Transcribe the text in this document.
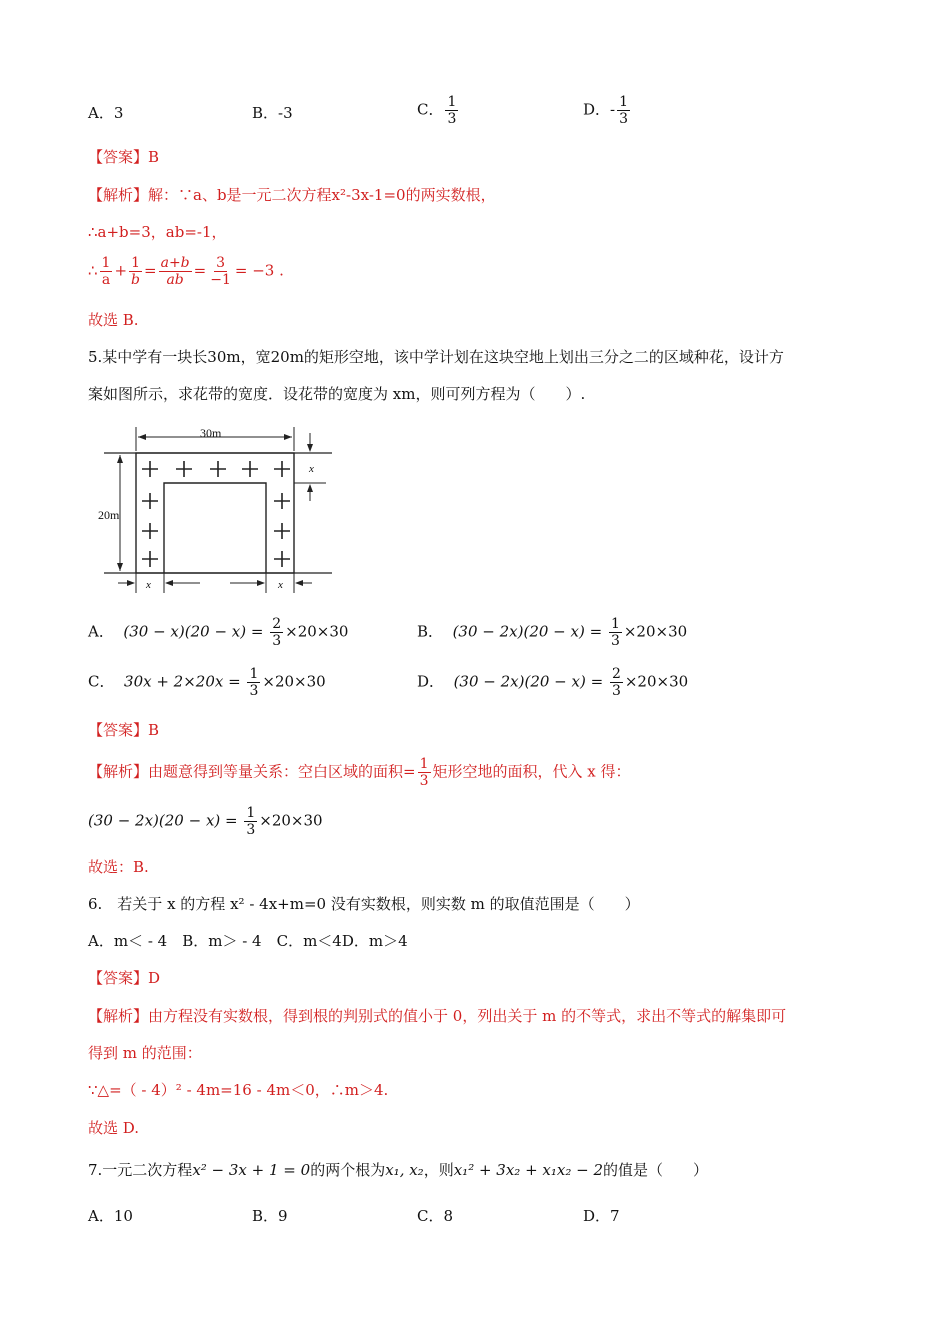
A．3	B．-3	C． $\frac{1}{3}$	D．- $\frac{1}{3}$
【答案】B
【解析】解：∵a、b是一元二次方程x²-3x-1=0的两实数根，
∴a+b=3，ab=-1，
∴ $\frac{1}{a} + \frac{1}{b} = \frac{a+b}{ab} = \frac{3}{-1} = -3$ .
故选 B.
5.某中学有一块长30m，宽20m的矩形空地，该中学计划在这块空地上划出三分之二的区域种花，设计方
案如图所示，求花带的宽度．设花带的宽度为 xm，则可列方程为（　　）.
30m
20m
x
x	x
A． $(30 - x)(20 - x) = \frac{2}{3} \times 20\times 30$	B． $(30 - 2x)(20 - x) = \frac{1}{3} \times 20\times 30$
C． $30x + 2\times 20x = \frac{1}{3} \times 20\times 30$	D． $(30 - 2x)(20 - x) = \frac{2}{3} \times 20\times 30$
【答案】B
【解析】由题意得到等量关系：空白区域的面积= $\frac{1}{3}$ 矩形空地的面积，代入 x 得：
$(30 - 2x)(20 - x) = \frac{1}{3} \times 20\times 30$
故选：B.
6.　若关于 x 的方程 x² - 4x+m=0 没有实数根，则实数 m 的取值范围是（　　）
A．m＜ - 4　B．m＞ - 4　C．m＜4D．m＞4
【答案】D
【解析】由方程没有实数根，得到根的判别式的值小于 0，列出关于 m 的不等式，求出不等式的解集即可
得到 m 的范围：
∵△=（ - 4）² - 4m=16 - 4m＜0，∴m＞4.
故选 D.
7.一元二次方程x² − 3x + 1 = 0的两个根为x₁, x₂，则x₁² + 3x₂ + x₁x₂ − 2的值是（　　）
A．10	B．9	C．8	D．7
